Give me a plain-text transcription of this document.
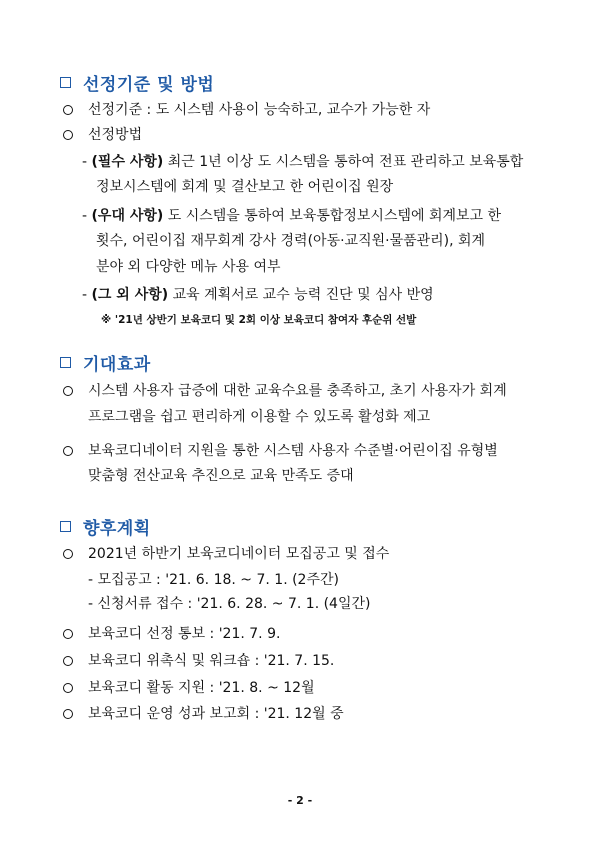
선정기준 및 방법
선정기준 : 도 시스템 사용이 능숙하고, 교수가 가능한 자
선정방법
- (필수 사항) 최근 1년 이상 도 시스템을 통하여 전표 관리하고 보육통합
정보시스템에 회계 및 결산보고 한 어린이집 원장
- (우대 사항) 도 시스템을 통하여 보육통합정보시스템에 회계보고 한
횟수, 어린이집 재무회계 강사 경력(아동·교직원·물품관리), 회계
분야 외 다양한 메뉴 사용 여부
- (그 외 사항) 교육 계획서로 교수 능력 진단 및 심사 반영
※ '21년 상반기 보육코디 및 2회 이상 보육코디 참여자 후순위 선발
기대효과
시스템 사용자 급증에 대한 교육수요를 충족하고, 초기 사용자가 회계
프로그램을 쉽고 편리하게 이용할 수 있도록 활성화 제고
보육코디네이터 지원을 통한 시스템 사용자 수준별·어린이집 유형별
맞춤형 전산교육 추진으로 교육 만족도 증대
향후계획
2021년 하반기 보육코디네이터 모집공고 및 접수
- 모집공고 : '21. 6. 18. ~ 7. 1. (2주간)
- 신청서류 접수 : '21. 6. 28. ~ 7. 1. (4일간)
보육코디 선정 통보 : '21. 7. 9.
보육코디 위촉식 및 워크숍 : '21. 7. 15.
보육코디 활동 지원 : '21. 8. ~ 12월
보육코디 운영 성과 보고회 : '21. 12월 중
- 2 -
